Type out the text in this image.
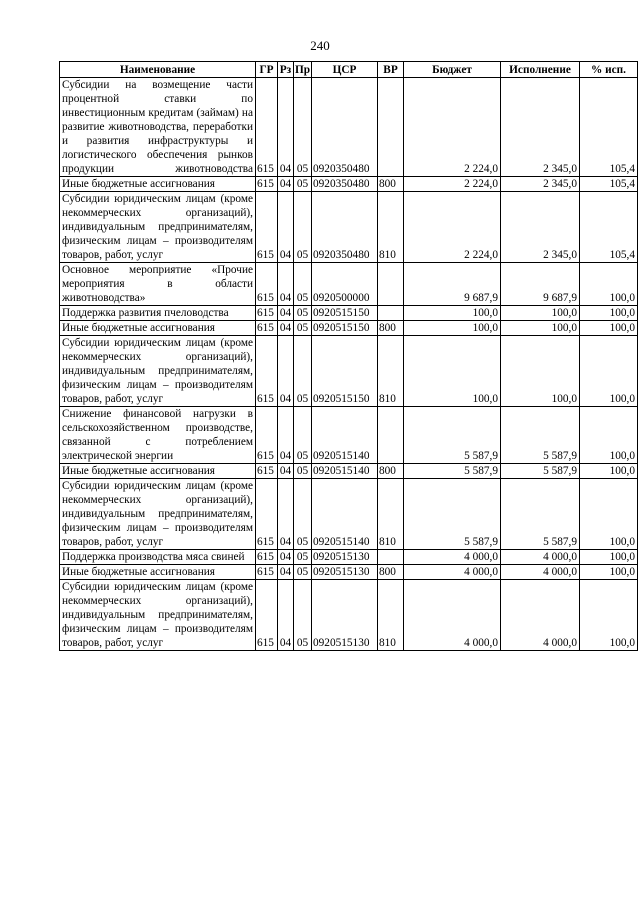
240
Наименование	ГР	Рз	Пр	ЦСР	ВР	Бюджет	Исполнение	% исп.
Субсидии на возмещение части процентной ставки по инвестиционным кредитам (займам) на развитие животноводства, переработки и развития инфраструктуры и логистического обеспечения рынков продукции животноводства	615	04	05	0920350480		2 224,0	2 345,0	105,4
Иные бюджетные ассигнования	615	04	05	0920350480	800	2 224,0	2 345,0	105,4
Субсидии юридическим лицам (кроме некоммерческих организаций), индивидуальным предпринимателям, физическим лицам – производителям товаров, работ, услуг	615	04	05	0920350480	810	2 224,0	2 345,0	105,4
Основное мероприятие «Прочие мероприятия в области животноводства»	615	04	05	0920500000		9 687,9	9 687,9	100,0
Поддержка развития пчеловодства	615	04	05	0920515150		100,0	100,0	100,0
Иные бюджетные ассигнования	615	04	05	0920515150	800	100,0	100,0	100,0
Субсидии юридическим лицам (кроме некоммерческих организаций), индивидуальным предпринимателям, физическим лицам – производителям товаров, работ, услуг	615	04	05	0920515150	810	100,0	100,0	100,0
Снижение финансовой нагрузки в сельскохозяйственном производстве, связанной с потреблением электрической энергии	615	04	05	0920515140		5 587,9	5 587,9	100,0
Иные бюджетные ассигнования	615	04	05	0920515140	800	5 587,9	5 587,9	100,0
Субсидии юридическим лицам (кроме некоммерческих организаций), индивидуальным предпринимателям, физическим лицам – производителям товаров, работ, услуг	615	04	05	0920515140	810	5 587,9	5 587,9	100,0
Поддержка производства мяса свиней	615	04	05	0920515130		4 000,0	4 000,0	100,0
Иные бюджетные ассигнования	615	04	05	0920515130	800	4 000,0	4 000,0	100,0
Субсидии юридическим лицам (кроме некоммерческих организаций), индивидуальным предпринимателям, физическим лицам – производителям товаров, работ, услуг	615	04	05	0920515130	810	4 000,0	4 000,0	100,0
